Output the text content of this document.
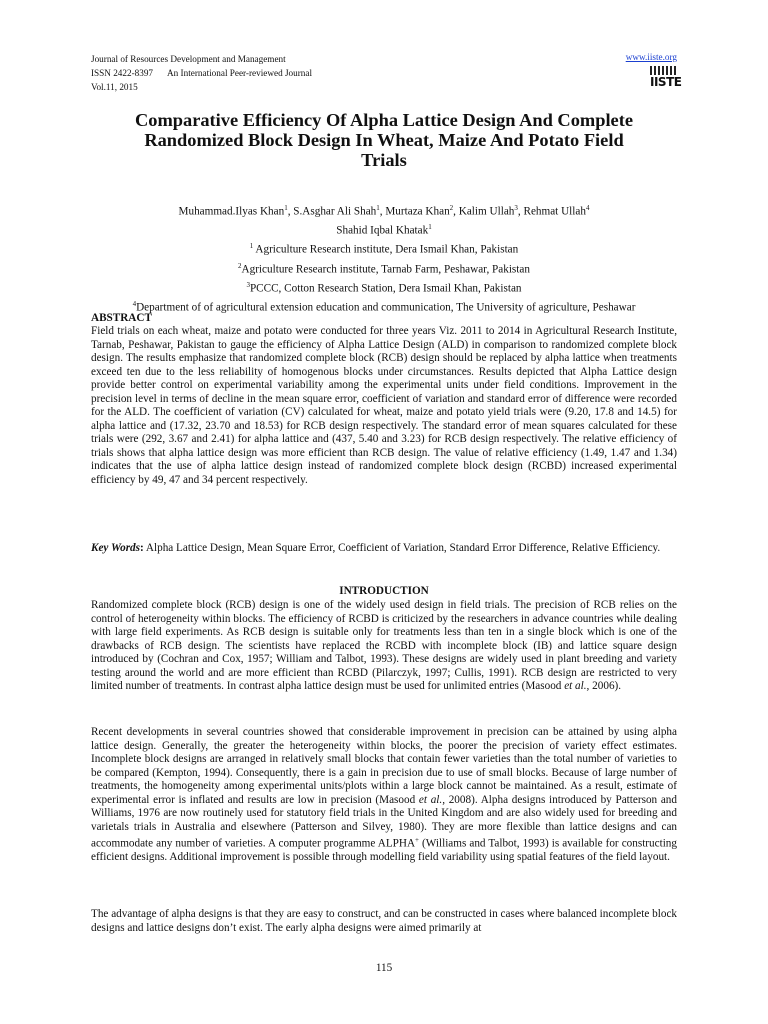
Journal of Resources Development and Management
ISSN 2422-8397 An International Peer-reviewed Journal
Vol.11, 2015
www.iiste.org
IISTE
Comparative Efficiency Of Alpha Lattice Design And Complete
Randomized Block Design In Wheat, Maize And Potato Field
Trials
Muhammad.Ilyas Khan$^1$, S.Asghar Ali Shah$^1$, Murtaza Khan$^2$, Kalim Ullah$^3$, Rehmat Ullah$^4$
Shahid Iqbal Khatak$^1$
$^1$ Agriculture Research institute, Dera Ismail Khan, Pakistan
$^2$Agriculture Research institute, Tarnab Farm, Peshawar, Pakistan
$^3$PCCC, Cotton Research Station, Dera Ismail Khan, Pakistan
$^4$Department of of agricultural extension education and communication, The University of agriculture, Peshawar
ABSTRACT

Field trials on each wheat, maize and potato were conducted for three years Viz. 2011 to 2014 in Agricultural Research Institute, Tarnab, Peshawar, Pakistan to gauge the efficiency of Alpha Lattice Design (ALD) in comparison to randomized complete block design. The results emphasize that randomized complete block (RCB) design should be replaced by alpha lattice when treatments exceed ten due to the less reliability of homogenous blocks under circumstances. Results depicted that Alpha Lattice design provide better control on experimental variability among the experimental units under field conditions. Improvement in the precision level in terms of decline in the mean square error, coefficient of variation and standard error of difference were recorded for the ALD. The coefficient of variation (CV) calculated for wheat, maize and potato yield trials were (9.20, 17.8 and 14.5) for alpha lattice and (17.32, 23.70 and 18.53) for RCB design respectively. The standard error of mean squares calculated for these trials were (292, 3.67 and 2.41) for alpha lattice and (437, 5.40 and 3.23) for RCB design respectively. The relative efficiency of trials shows that alpha lattice design was more efficient than RCB design. The value of relative efficiency (1.49, 1.47 and 1.34) indicates that the use of alpha lattice design instead of randomized complete block design (RCBD) increased experimental efficiency by 49, 47 and 34 percent respectively.

Key Words: Alpha Lattice Design, Mean Square Error, Coefficient of Variation, Standard Error Difference, Relative Efficiency.

INTRODUCTION

Randomized complete block (RCB) design is one of the widely used design in field trials. The precision of RCB relies on the control of heterogeneity within blocks. The efficiency of RCBD is criticized by the researchers in advance countries while dealing with large field experiments. As RCB design is suitable only for treatments less than ten in a single block which is one of the drawbacks of RCB design. The scientists have replaced the RCBD with incomplete block (IB) and lattice square design introduced by (Cochran and Cox, 1957; William and Talbot, 1993). These designs are widely used in plant breeding and variety testing around the world and are more efficient than RCBD (Pilarczyk, 1997; Cullis, 1991). RCB design are restricted to very limited number of treatments. In contrast alpha lattice design must be used for unlimited entries (Masood et al., 2006).

Recent developments in several countries showed that considerable improvement in precision can be attained by using alpha lattice design. Generally, the greater the heterogeneity within blocks, the poorer the precision of variety effect estimates. Incomplete block designs are arranged in relatively small blocks that contain fewer varieties than the total number of varieties to be compared (Kempton, 1994). Consequently, there is a gain in precision due to use of small blocks. Because of large number of treatments, the homogeneity among experimental units/plots within a large block cannot be maintained. As a result, estimate of experimental error is inflated and results are low in precision (Masood et al., 2008). Alpha designs introduced by Patterson and Williams, 1976 are now routinely used for statutory field trials in the United Kingdom and are also widely used for breeding and varietals trials in Australia and elsewhere (Patterson and Silvey, 1980). They are more flexible than lattice designs and can accommodate any number of varieties. A computer programme ALPHA+ (Williams and Talbot, 1993) is available for constructing efficient designs. Additional improvement is possible through modelling field variability using spatial features of the field layout.

The advantage of alpha designs is that they are easy to construct, and can be constructed in cases where balanced incomplete block designs and lattice designs don’t exist. The early alpha designs were aimed primarily at

115
